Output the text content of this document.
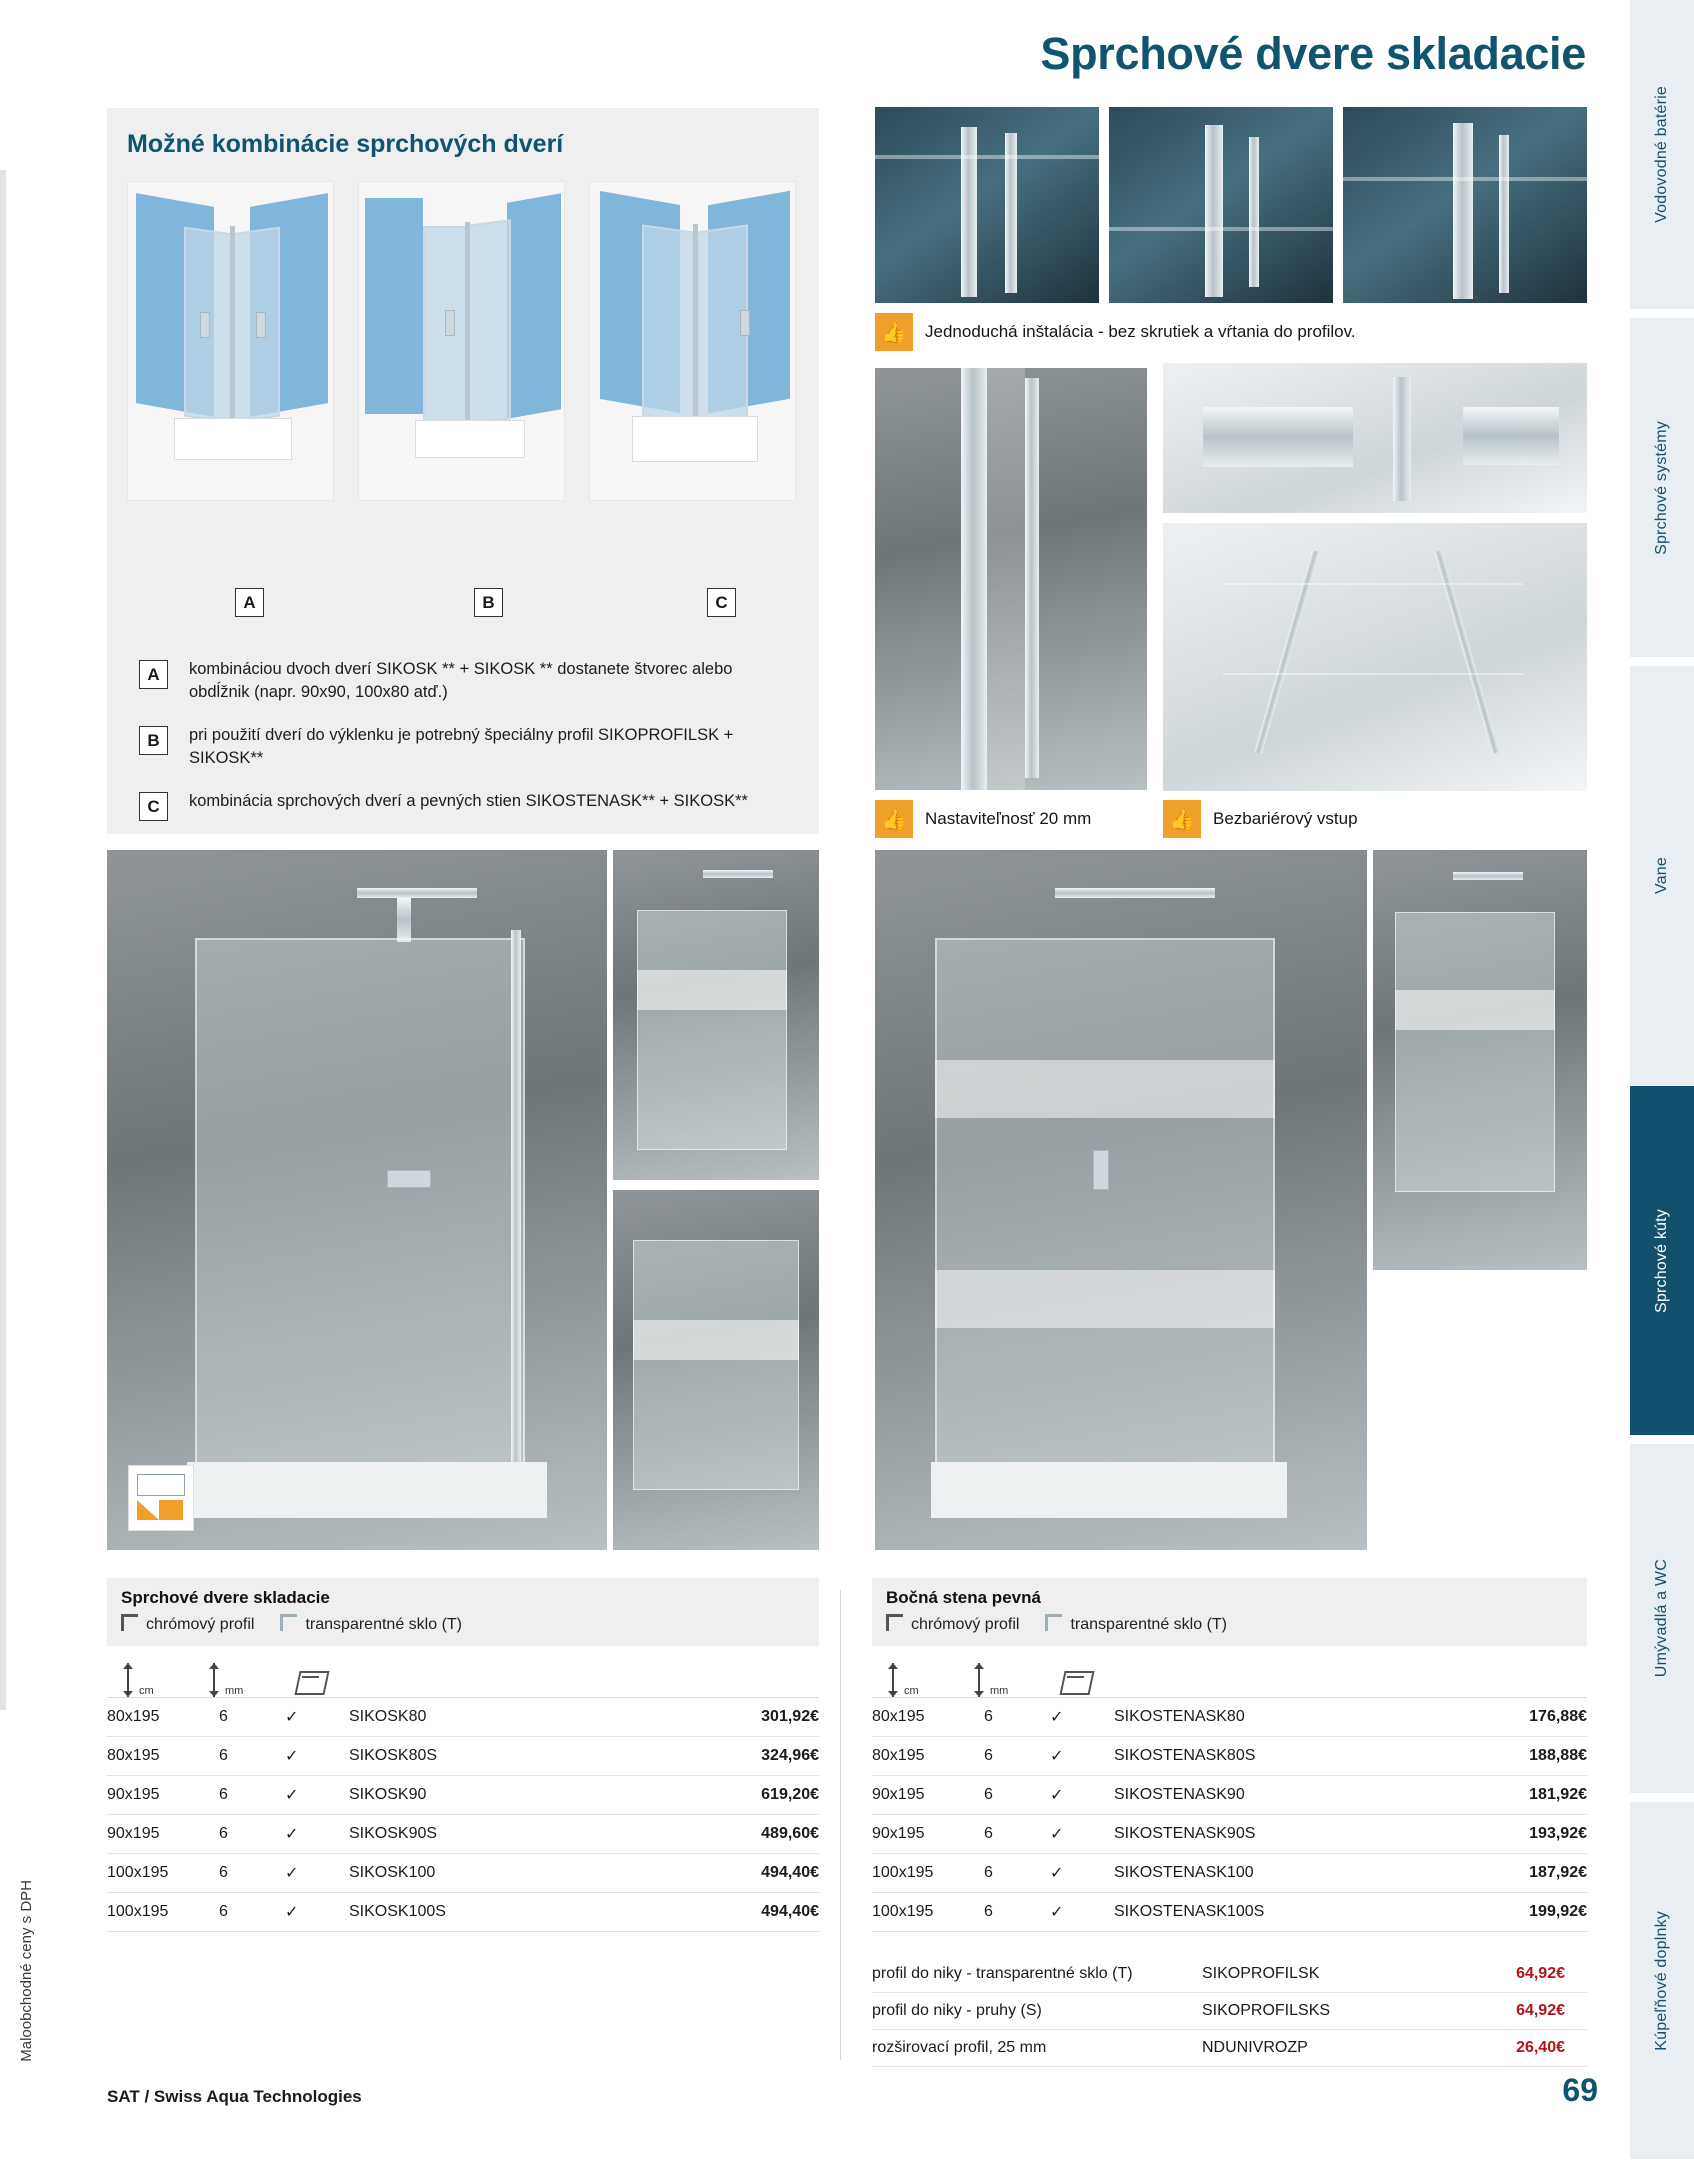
Vodovodné batérie
Sprchové systémy
Vane
Sprchové kúty
Umývadlá a WC
Kúpeľňové doplnky
Sprchové dvere skladacie
Možné kombinácie sprchových dverí
A	B	C
A	kombináciou dvoch dverí SIKOSK ** + SIKOSK ** dostanete štvorec alebo obdĺžnik (napr. 90x90, 100x80 atď.)
B	pri použití dverí do výklenku je potrebný špeciálny profil SIKOPROFILSK + SIKOSK**
C	kombinácia sprchových dverí a pevných stien SIKOSTENASK** + SIKOSK**
👍	Jednoduchá inštalácia - bez skrutiek a vŕtania do profilov.
👍	Nastaviteľnosť 20 mm	👍	Bezbariérový vstup
Sprchové dvere skladacie
chrómový profil	transparentné sklo (T)
cm	mm
80x195	6	✓	SIKOSK80	301,92€
80x195	6	✓	SIKOSK80S	324,96€
90x195	6	✓	SIKOSK90	619,20€
90x195	6	✓	SIKOSK90S	489,60€
100x195	6	✓	SIKOSK100	494,40€
100x195	6	✓	SIKOSK100S	494,40€
Bočná stena pevná
chrómový profil	transparentné sklo (T)
cm	mm
80x195	6	✓	SIKOSTENASK80	176,88€
80x195	6	✓	SIKOSTENASK80S	188,88€
90x195	6	✓	SIKOSTENASK90	181,92€
90x195	6	✓	SIKOSTENASK90S	193,92€
100x195	6	✓	SIKOSTENASK100	187,92€
100x195	6	✓	SIKOSTENASK100S	199,92€
profil do niky - transparentné sklo (T)	SIKOPROFILSK	64,92€
profil do niky - pruhy (S)	SIKOPROFILSKS	64,92€
rozširovací profil, 25 mm	NDUNIVROZP	26,40€
Maloobchodné ceny s DPH
SAT / Swiss Aqua Technologies	69
